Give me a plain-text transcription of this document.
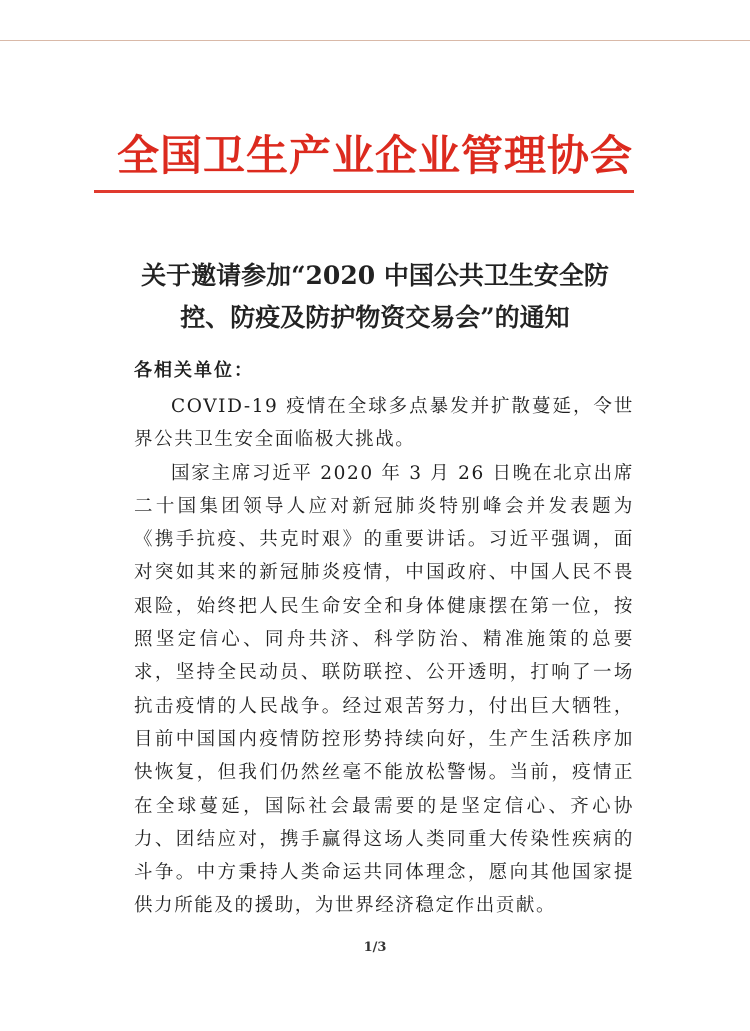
全国卫生产业企业管理协会
关于邀请参加“2020 中国公共卫生安全防
控、防疫及防护物资交易会”的通知
各相关单位：

COVID-19 疫情在全球多点暴发并扩散蔓延，令世界公共卫生安全面临极大挑战。

国家主席习近平 2020 年 3 月 26 日晚在北京出席二十国集团领导人应对新冠肺炎特别峰会并发表题为《携手抗疫、共克时艰》的重要讲话。习近平强调，面对突如其来的新冠肺炎疫情，中国政府、中国人民不畏艰险，始终把人民生命安全和身体健康摆在第一位，按照坚定信心、同舟共济、科学防治、精准施策的总要求，坚持全民动员、联防联控、公开透明，打响了一场抗击疫情的人民战争。经过艰苦努力，付出巨大牺牲，目前中国国内疫情防控形势持续向好，生产生活秩序加快恢复，但我们仍然丝毫不能放松警惕。当前，疫情正在全球蔓延，国际社会最需要的是坚定信心、齐心协力、团结应对，携手赢得这场人类同重大传染性疾病的斗争。中方秉持人类命运共同体理念，愿向其他国家提供力所能及的援助，为世界经济稳定作出贡献。

1/3
